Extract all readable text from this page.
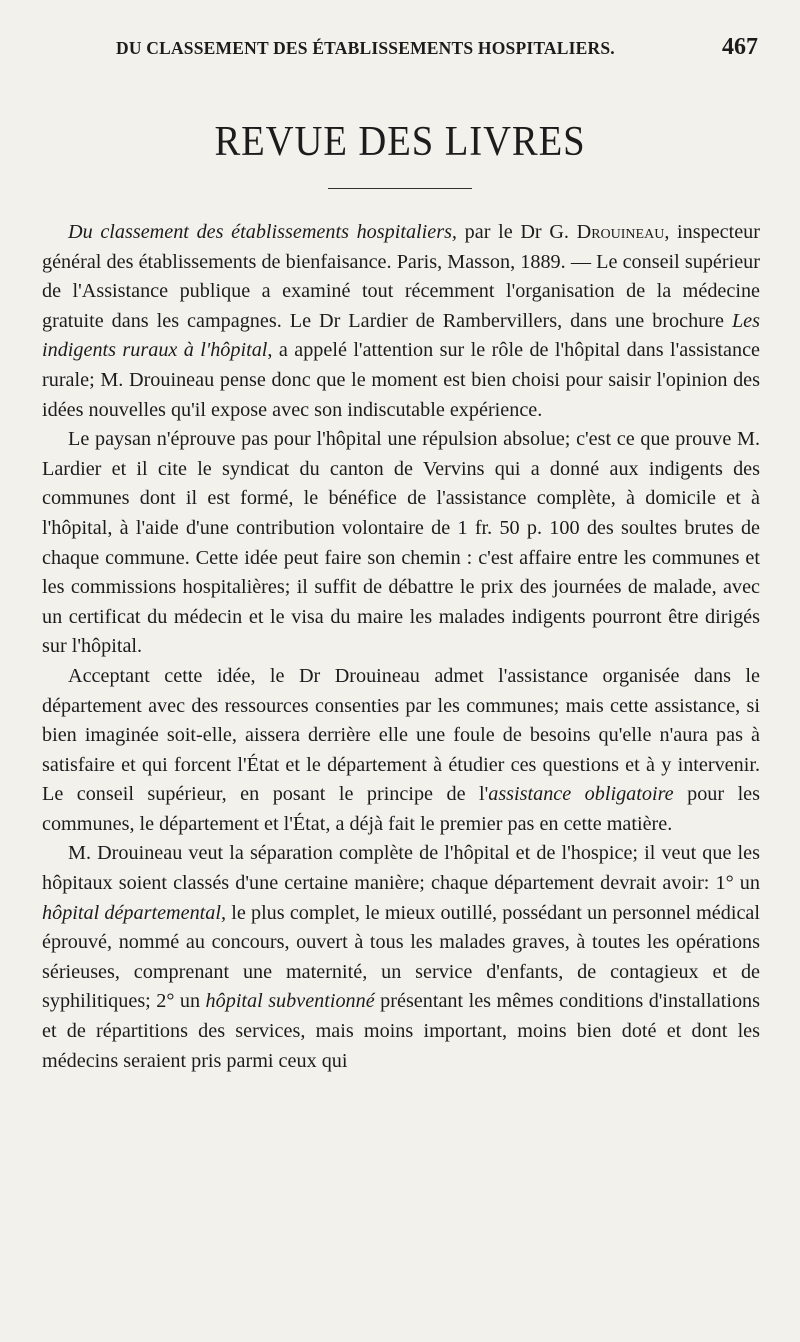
DU CLASSEMENT DES ÉTABLISSEMENTS HOSPITALIERS.	467
REVUE DES LIVRES

Du classement des établissements hospitaliers, par le Dr G. Drouineau, inspecteur général des établissements de bienfaisance. Paris, Masson, 1889. — Le conseil supérieur de l'Assistance publique a examiné tout récemment l'organisation de la médecine gratuite dans les campagnes. Le Dr Lardier de Rambervillers, dans une brochure Les indigents ruraux à l'hôpital, a appelé l'attention sur le rôle de l'hôpital dans l'assistance rurale; M. Drouineau pense donc que le moment est bien choisi pour saisir l'opinion des idées nouvelles qu'il expose avec son indiscutable expérience.

Le paysan n'éprouve pas pour l'hôpital une répulsion absolue; c'est ce que prouve M. Lardier et il cite le syndicat du canton de Vervins qui a donné aux indigents des communes dont il est formé, le bénéfice de l'assistance complète, à domicile et à l'hôpital, à l'aide d'une contribution volontaire de 1 fr. 50 p. 100 des soultes brutes de chaque commune. Cette idée peut faire son chemin : c'est affaire entre les communes et les commissions hospitalières; il suffit de débattre le prix des journées de malade, avec un certificat du médecin et le visa du maire les malades indigents pourront être dirigés sur l'hôpital.

Acceptant cette idée, le Dr Drouineau admet l'assistance organisée dans le département avec des ressources consenties par les communes; mais cette assistance, si bien imaginée soit-elle, aissera derrière elle une foule de besoins qu'elle n'aura pas à satisfaire et qui forcent l'État et le département à étudier ces questions et à y intervenir. Le conseil supérieur, en posant le principe de l'assistance obligatoire pour les communes, le département et l'État, a déjà fait le premier pas en cette matière.

M. Drouineau veut la séparation complète de l'hôpital et de l'hospice; il veut que les hôpitaux soient classés d'une certaine manière; chaque département devrait avoir: 1° un hôpital départemental, le plus complet, le mieux outillé, possédant un personnel médical éprouvé, nommé au concours, ouvert à tous les malades graves, à toutes les opérations sérieuses, comprenant une maternité, un service d'enfants, de contagieux et de syphilitiques; 2° un hôpital subventionné présentant les mêmes conditions d'installations et de répartitions des services, mais moins important, moins bien doté et dont les médecins seraient pris parmi ceux qui
